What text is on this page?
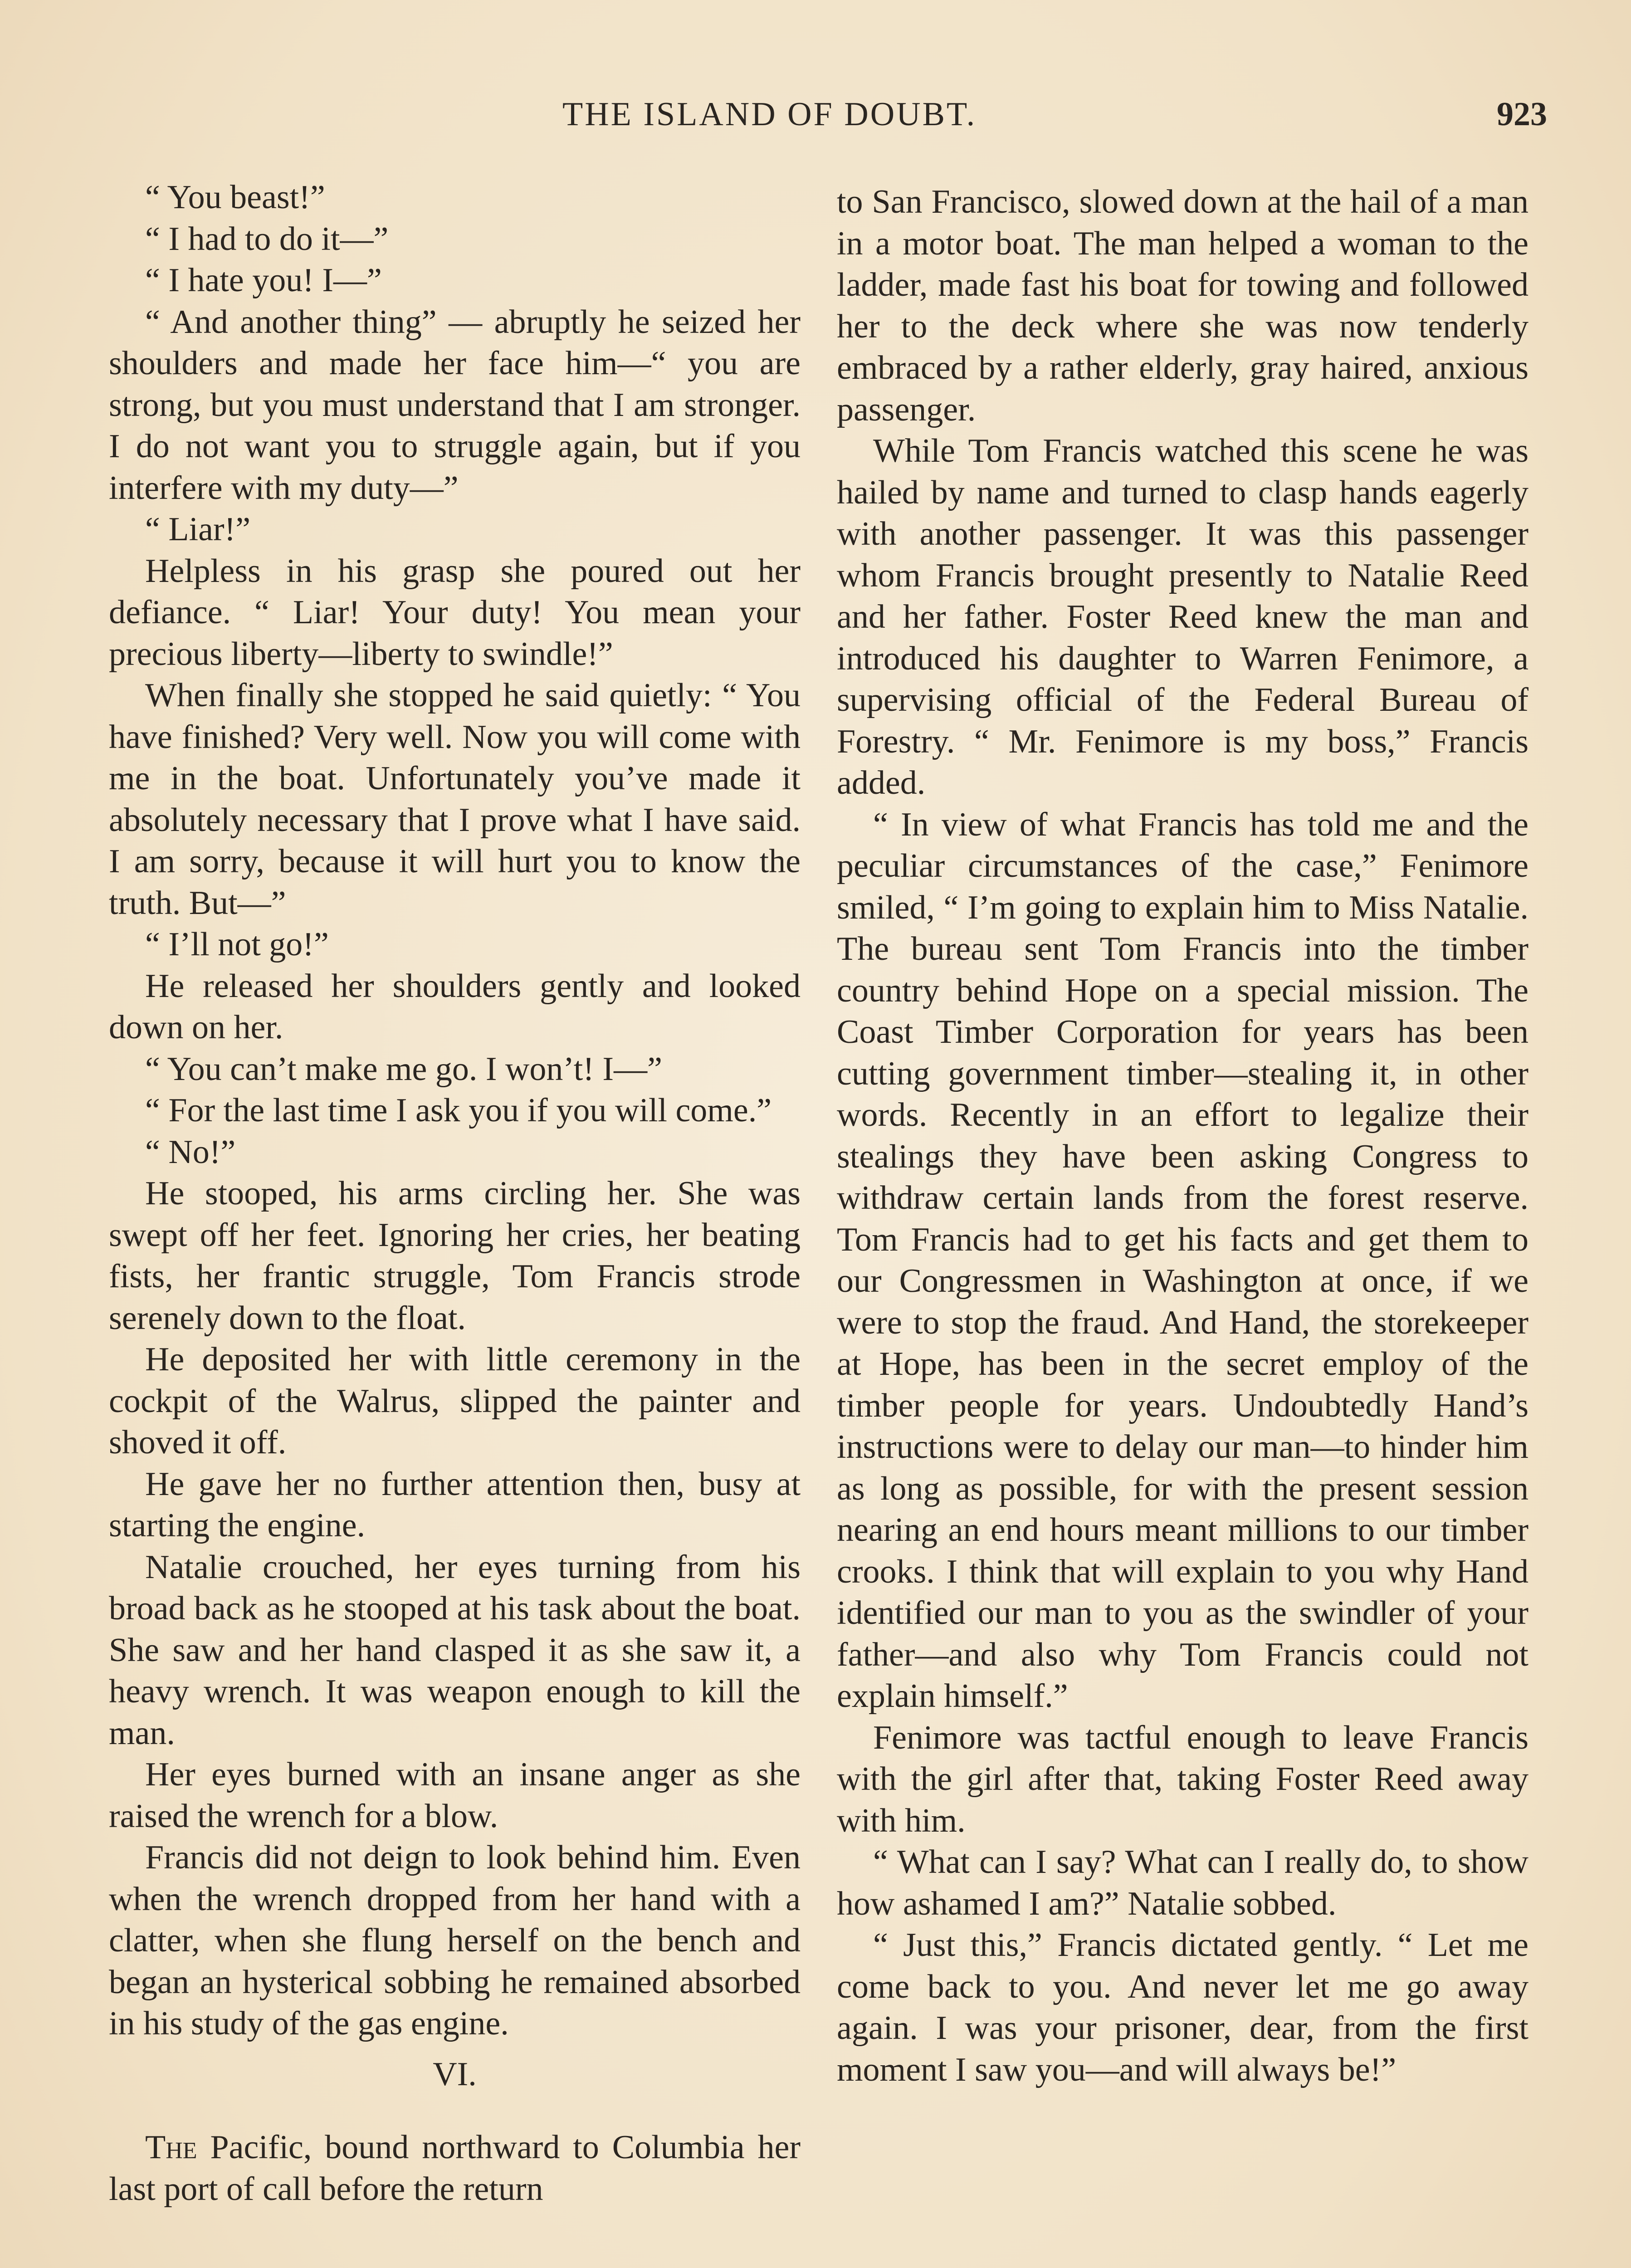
THE ISLAND OF DOUBT.	923

“ You beast!”

“ I had to do it—”

“ I hate you! I—”

“ And another thing” — abruptly he seized her shoulders and made her face him—“ you are strong, but you must understand that I am stronger. I do not want you to struggle again, but if you interfere with my duty—”

“ Liar!”

Helpless in his grasp she poured out her defiance. “ Liar! Your duty! You mean your precious liberty—liberty to swindle!”

When finally she stopped he said quietly: “ You have finished? Very well. Now you will come with me in the boat. Unfortunately you’ve made it absolutely necessary that I prove what I have said. I am sorry, because it will hurt you to know the truth. But—”

“ I’ll not go!”

He released her shoulders gently and looked down on her.

“ You can’t make me go. I won’t! I—”

“ For the last time I ask you if you will come.”

“ No!”

He stooped, his arms circling her. She was swept off her feet. Ignoring her cries, her beating fists, her frantic struggle, Tom Francis strode serenely down to the float.

He deposited her with little ceremony in the cockpit of the Walrus, slipped the painter and shoved it off.

He gave her no further attention then, busy at starting the engine.

Natalie crouched, her eyes turning from his broad back as he stooped at his task about the boat. She saw and her hand clasped it as she saw it, a heavy wrench. It was weapon enough to kill the man.

Her eyes burned with an insane anger as she raised the wrench for a blow.

Francis did not deign to look behind him. Even when the wrench dropped from her hand with a clatter, when she flung herself on the bench and began an hysterical sobbing he remained absorbed in his study of the gas engine.

VI.

The Pacific, bound northward to Columbia her last port of call before the return

to San Francisco, slowed down at the hail of a man in a motor boat. The man helped a woman to the ladder, made fast his boat for towing and followed her to the deck where she was now tenderly embraced by a rather elderly, gray haired, anxious passenger.

While Tom Francis watched this scene he was hailed by name and turned to clasp hands eagerly with another passenger. It was this passenger whom Francis brought presently to Natalie Reed and her father. Foster Reed knew the man and introduced his daughter to Warren Fenimore, a supervising official of the Federal Bureau of Forestry. “ Mr. Fenimore is my boss,” Francis added.

“ In view of what Francis has told me and the peculiar circumstances of the case,” Fenimore smiled, “ I’m going to explain him to Miss Natalie. The bureau sent Tom Francis into the timber country behind Hope on a special mission. The Coast Timber Corporation for years has been cutting government timber—stealing it, in other words. Recently in an effort to legalize their stealings they have been asking Congress to withdraw certain lands from the forest reserve. Tom Francis had to get his facts and get them to our Congressmen in Washington at once, if we were to stop the fraud. And Hand, the storekeeper at Hope, has been in the secret employ of the timber people for years. Undoubtedly Hand’s instructions were to delay our man—to hinder him as long as possible, for with the present session nearing an end hours meant millions to our timber crooks. I think that will explain to you why Hand identified our man to you as the swindler of your father—and also why Tom Francis could not explain himself.”

Fenimore was tactful enough to leave Francis with the girl after that, taking Foster Reed away with him.

“ What can I say? What can I really do, to show how ashamed I am?” Natalie sobbed.

“ Just this,” Francis dictated gently. “ Let me come back to you. And never let me go away again. I was your prisoner, dear, from the first moment I saw you—and will always be!”
